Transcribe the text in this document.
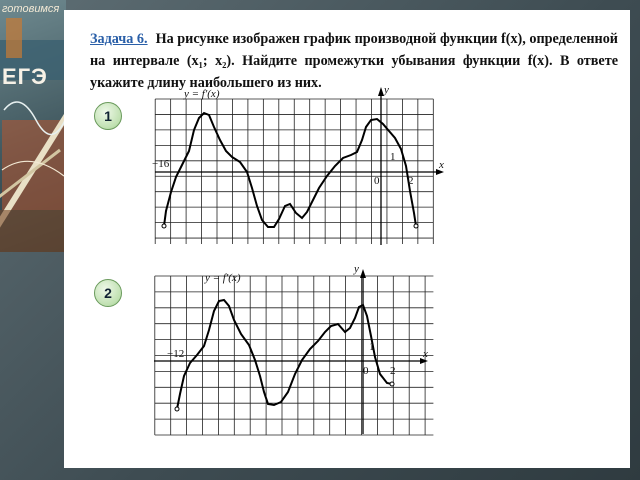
готовимся
ЕГЭ
Задача 6. На рисунке изображен график производной функции f(x), определенной на интервале (x₁; x₂). Найдите промежутки убывания функции f(x). В ответе укажите длину наибольшего из них.
1
2
y = f′(x)	y
x
−16
0	2
1
y = f′(x)
y
x
−12
0 2
1
